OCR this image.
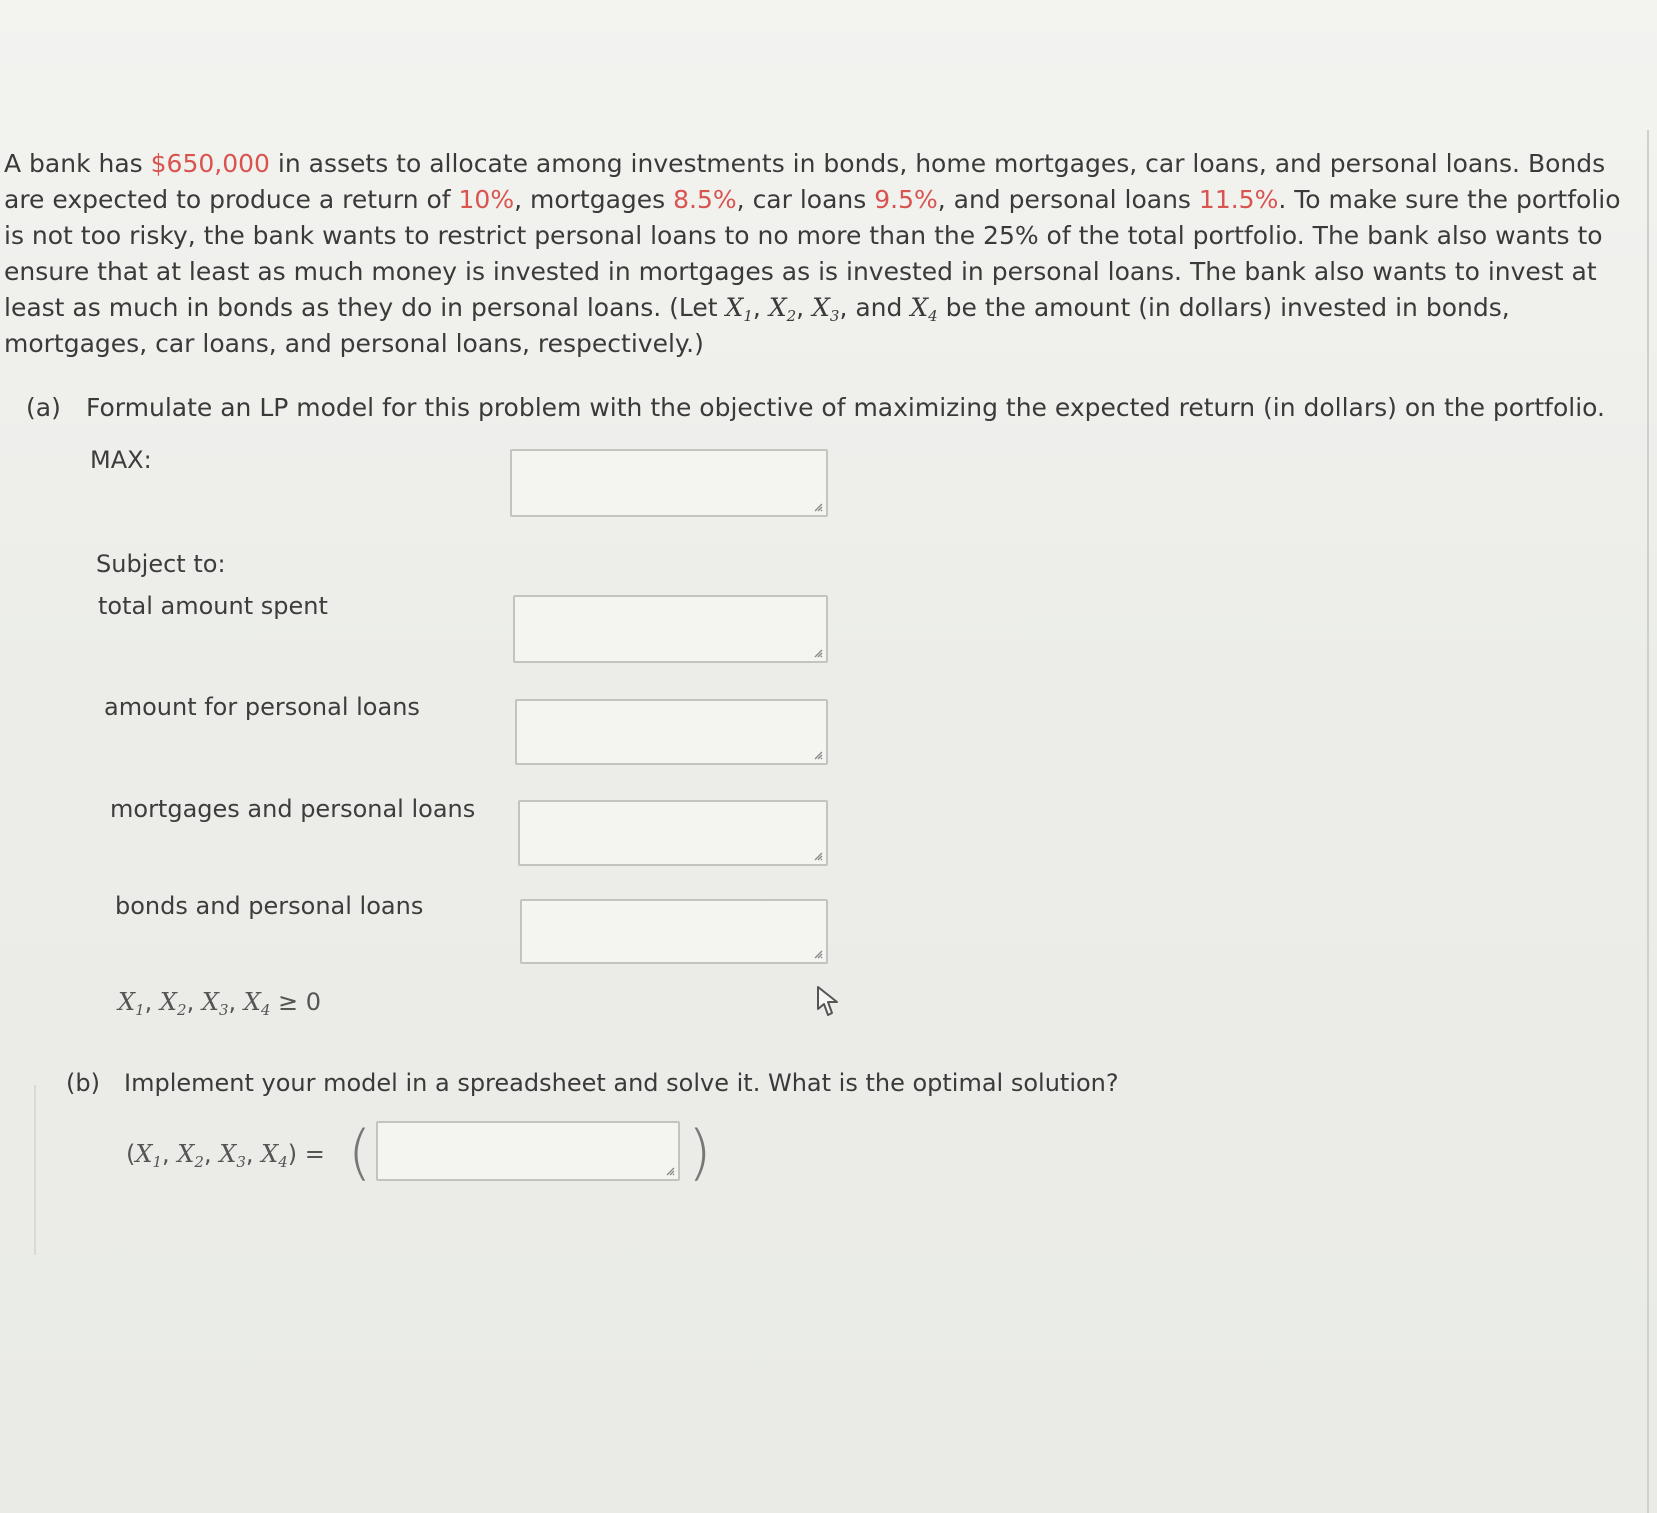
A bank has $650,000 in assets to allocate among investments in bonds, home mortgages, car loans, and personal loans. Bonds are expected to produce a return of 10%, mortgages 8.5%, car loans 9.5%, and personal loans 11.5%. To make sure the portfolio is not too risky, the bank wants to restrict personal loans to no more than the 25% of the total portfolio. The bank also wants to ensure that at least as much money is invested in mortgages as is invested in personal loans. The bank also wants to invest at least as much in bonds as they do in personal loans. (Let $X_1$, $X_2$, $X_3$, and $X_4$ be the amount (in dollars) invested in bonds, mortgages, car loans, and personal loans, respectively.)

(a) Formulate an LP model for this problem with the objective of maximizing the expected return (in dollars) on the portfolio.
MAX:
Subject to:
total amount spent
amount for personal loans
mortgages and personal loans
bonds and personal loans
$X_1$, $X_2$, $X_3$, $X_4 \ge 0$
(b) Implement your model in a spreadsheet and solve it. What is the optimal solution?
($X_1$, $X_2$, $X_3$, $X_4$) = (	)
